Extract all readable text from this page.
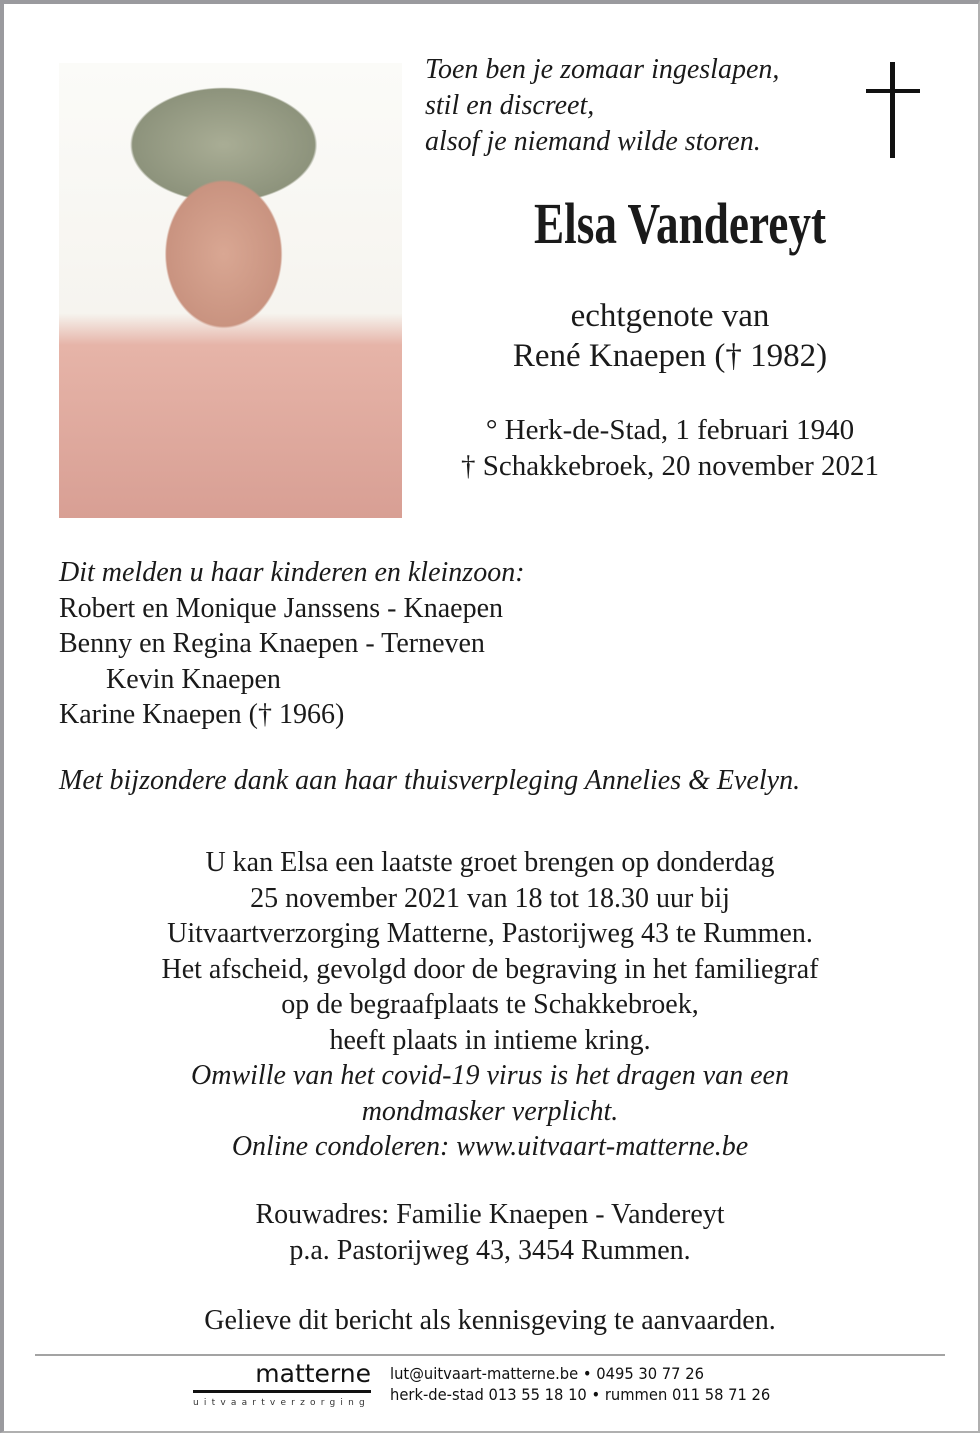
Toen ben je zomaar ingeslapen,
stil en discreet,
alsof je niemand wilde storen.
Elsa Vandereyt
echtgenote van
René Knaepen († 1982)
° Herk-de-Stad, 1 februari 1940
† Schakkebroek, 20 november 2021
Dit melden u haar kinderen en kleinzoon:
Robert en Monique Janssens - Knaepen
Benny en Regina Knaepen - Terneven
Kevin Knaepen
Karine Knaepen († 1966)
Met bijzondere dank aan haar thuisverpleging Annelies & Evelyn.
U kan Elsa een laatste groet brengen op donderdag
25 november 2021 van 18 tot 18.30 uur bij
Uitvaartverzorging Matterne, Pastorijweg 43 te Rummen.
Het afscheid, gevolgd door de begraving in het familiegraf
op de begraafplaats te Schakkebroek,
heeft plaats in intieme kring.
Omwille van het covid-19 virus is het dragen van een
mondmasker verplicht.
Online condoleren: www.uitvaart-matterne.be
Rouwadres: Familie Knaepen - Vandereyt
p.a. Pastorijweg 43, 3454 Rummen.
Gelieve dit bericht als kennisgeving te aanvaarden.
matterne
uitvaartverzorging
lut@uitvaart-matterne.be • 0495 30 77 26
herk-de-stad 013 55 18 10 • rummen 011 58 71 26
